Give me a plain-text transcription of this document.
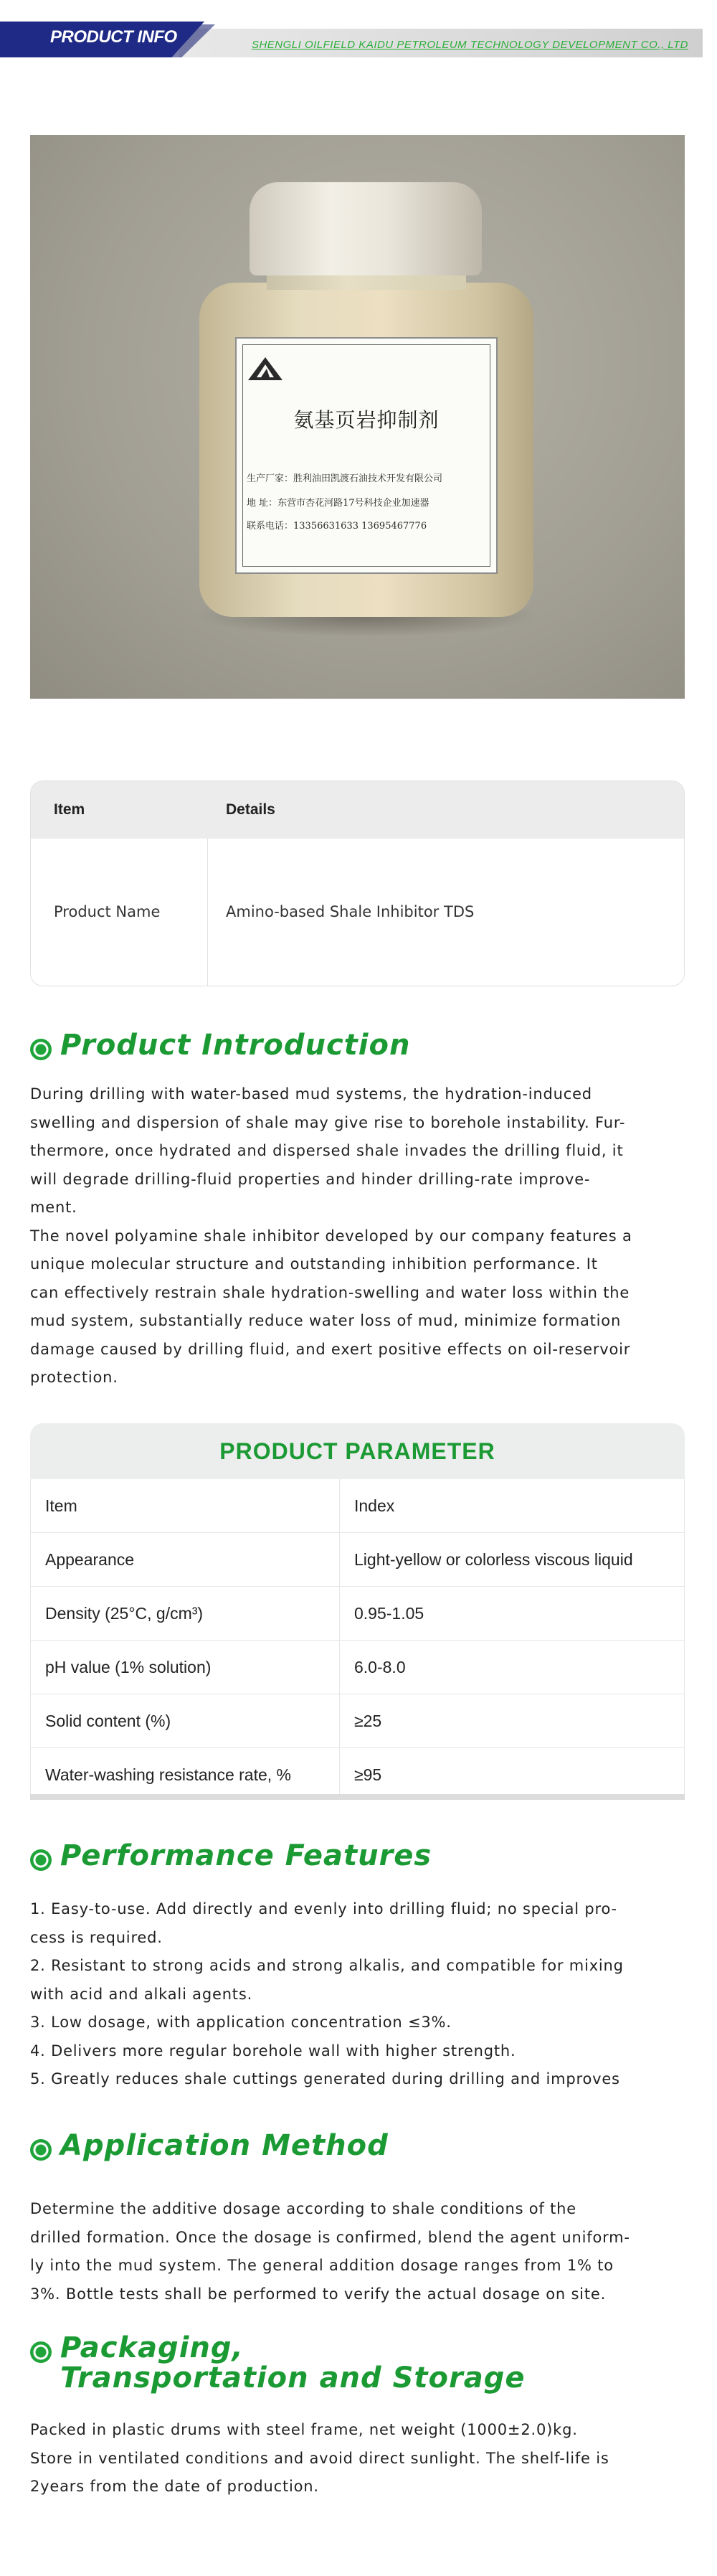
PRODUCT INFO	SHENGLI OILFIELD KAIDU PETROLEUM TECHNOLOGY DEVELOPMENT CO., LTD
氨基页岩抑制剂
生产厂家：胜利油田凯渡石油技术开发有限公司
地 址：东营市杏花河路17号科技企业加速器
联系电话：13356631633 13695467776
Item	Details
Product Name	Amino-based Shale Inhibitor TDS
Product Introduction

During drilling with water-based mud systems, the hydration-induced

swelling and dispersion of shale may give rise to borehole instability. Fur-

thermore, once hydrated and dispersed shale invades the drilling fluid, it

will degrade drilling-fluid properties and hinder drilling-rate improve-

ment.

The novel polyamine shale inhibitor developed by our company features a

unique molecular structure and outstanding inhibition performance. It

can effectively restrain shale hydration-swelling and water loss within the

mud system, substantially reduce water loss of mud, minimize formation

damage caused by drilling fluid, and exert positive effects on oil-reservoir

protection.

PRODUCT PARAMETER
Item	Index
Appearance	Light-yellow or colorless viscous liquid
Density (25°C, g/cm³)	0.95-1.05
pH value (1% solution)	6.0-8.0
Solid content (%)	≥25
Water-washing resistance rate, %	≥95
Performance Features

1. Easy-to-use. Add directly and evenly into drilling fluid; no special pro-

cess is required.

2. Resistant to strong acids and strong alkalis, and compatible for mixing

with acid and alkali agents.

3. Low dosage, with application concentration ≤3%.

4. Delivers more regular borehole wall with higher strength.

5. Greatly reduces shale cuttings generated during drilling and improves

Application Method

Determine the additive dosage according to shale conditions of the

drilled formation. Once the dosage is confirmed, blend the agent uniform-

ly into the mud system. The general addition dosage ranges from 1% to

3%. Bottle tests shall be performed to verify the actual dosage on site.

Packaging,
Transportation and Storage

Packed in plastic drums with steel frame, net weight (1000±2.0)kg.

Store in ventilated conditions and avoid direct sunlight. The shelf-life is

2years from the date of production.
